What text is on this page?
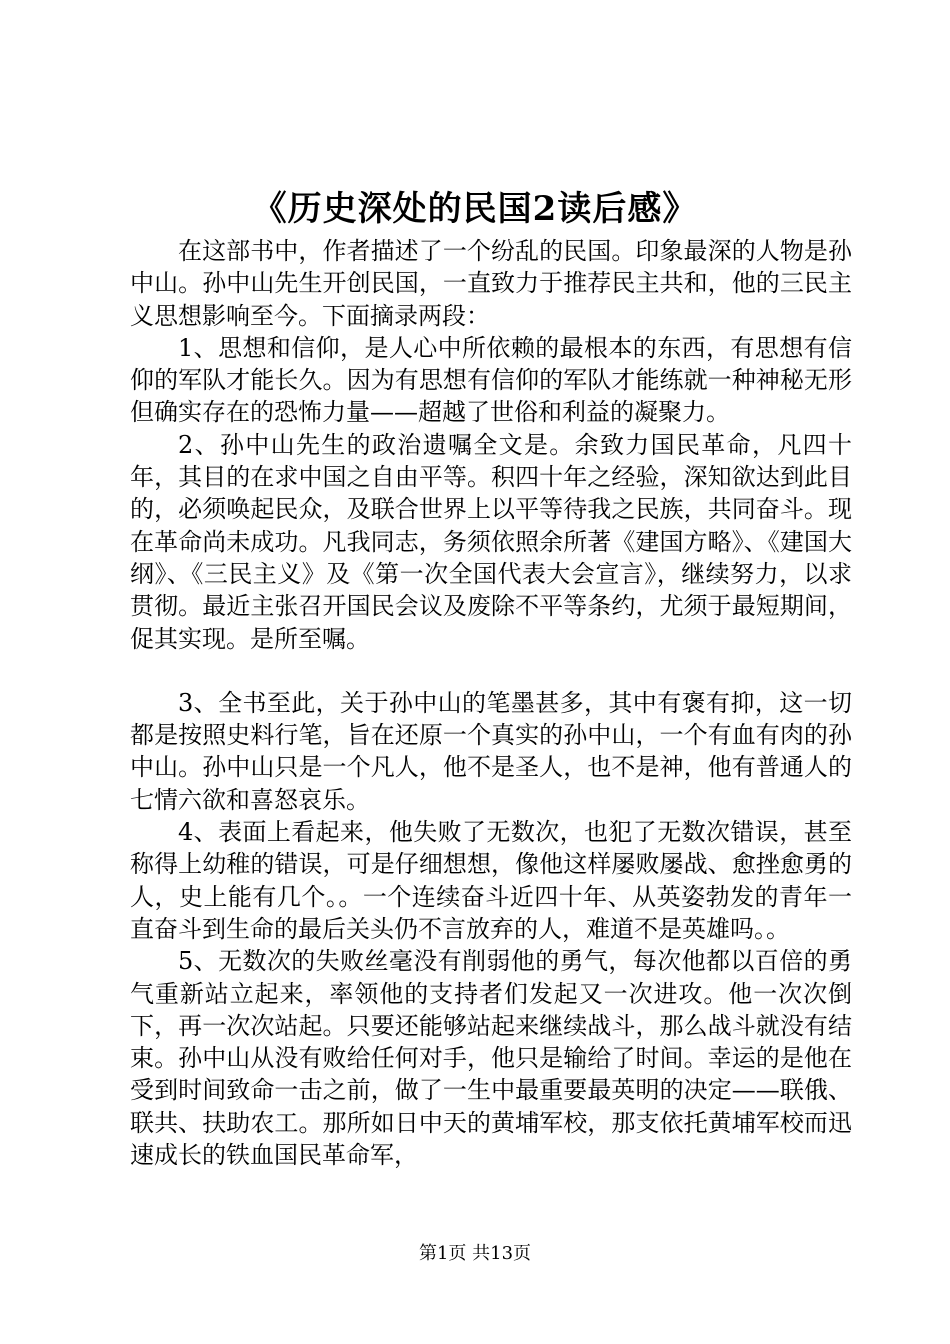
《历史深处的民国2读后感》

在这部书中，作者描述了一个纷乱的民国。印象最深的人物是孙中山。孙中山先生开创民国，一直致力于推荐民主共和，他的三民主义思想影响至今。下面摘录两段：

1、思想和信仰，是人心中所依赖的最根本的东西，有思想有信仰的军队才能长久。因为有思想有信仰的军队才能练就一种神秘无形但确实存在的恐怖力量——超越了世俗和利益的凝聚力。

2、孙中山先生的政治遗嘱全文是。余致力国民革命，凡四十年，其目的在求中国之自由平等。积四十年之经验，深知欲达到此目的，必须唤起民众，及联合世界上以平等待我之民族，共同奋斗。现在革命尚未成功。凡我同志，务须依照余所著《建国方略》、《建国大纲》、《三民主义》及《第一次全国代表大会宣言》，继续努力，以求贯彻。最近主张召开国民会议及废除不平等条约，尤须于最短期间，促其实现。是所至嘱。

3、全书至此，关于孙中山的笔墨甚多，其中有褒有抑，这一切都是按照史料行笔，旨在还原一个真实的孙中山，一个有血有肉的孙中山。孙中山只是一个凡人，他不是圣人，也不是神，他有普通人的七情六欲和喜怒哀乐。

4、表面上看起来，他失败了无数次，也犯了无数次错误，甚至称得上幼稚的错误，可是仔细想想，像他这样屡败屡战、愈挫愈勇的人，史上能有几个。。一个连续奋斗近四十年、从英姿勃发的青年一直奋斗到生命的最后关头仍不言放弃的人，难道不是英雄吗。。

5、无数次的失败丝毫没有削弱他的勇气，每次他都以百倍的勇气重新站立起来，率领他的支持者们发起又一次进攻。他一次次倒下，再一次次站起。只要还能够站起来继续战斗，那么战斗就没有结束。孙中山从没有败给任何对手，他只是输给了时间。幸运的是他在受到时间致命一击之前，做了一生中最重要最英明的决定——联俄、联共、扶助农工。那所如日中天的黄埔军校，那支依托黄埔军校而迅速成长的铁血国民革命军，

第1页 共13页
